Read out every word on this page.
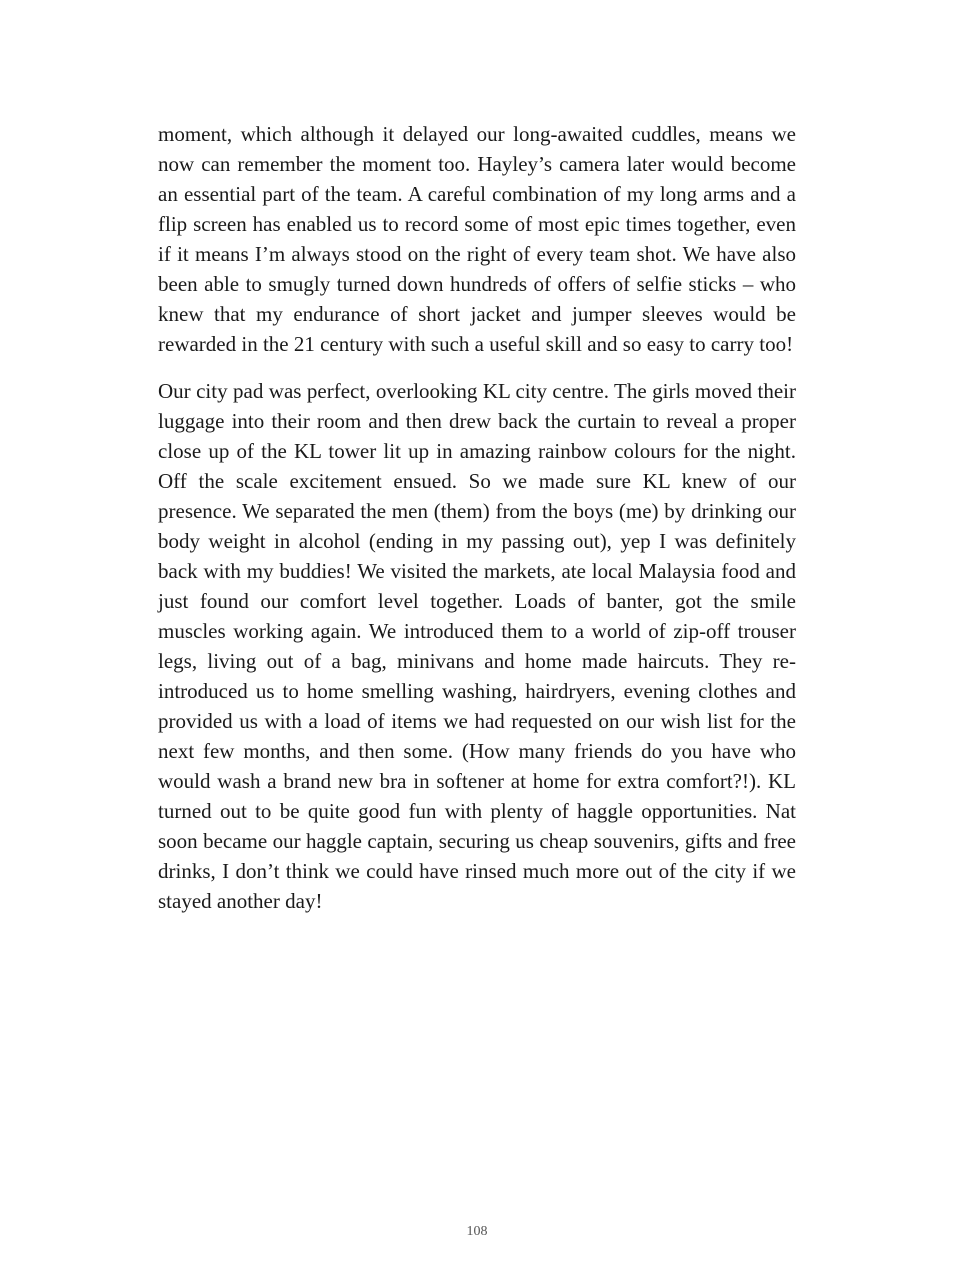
moment, which although it delayed our long-awaited cuddles, means we now can remember the moment too. Hayley’s camera later would become an essential part of the team. A careful combination of my long arms and a flip screen has enabled us to record some of most epic times together, even if it means I’m always stood on the right of every team shot. We have also been able to smugly turned down hundreds of offers of selfie sticks – who knew that my endurance of short jacket and jumper sleeves would be rewarded in the 21 century with such a useful skill and so easy to carry too!

Our city pad was perfect, overlooking KL city centre. The girls moved their luggage into their room and then drew back the curtain to reveal a proper close up of the KL tower lit up in amazing rainbow colours for the night. Off the scale excitement ensued. So we made sure KL knew of our presence. We separated the men (them) from the boys (me) by drinking our body weight in alcohol (ending in my passing out), yep I was definitely back with my buddies! We visited the markets, ate local Malaysia food and just found our comfort level together. Loads of banter, got the smile muscles working again. We introduced them to a world of zip-off trouser legs, living out of a bag, minivans and home made haircuts. They re-introduced us to home smelling washing, hairdryers, evening clothes and provided us with a load of items we had requested on our wish list for the next few months, and then some. (How many friends do you have who would wash a brand new bra in softener at home for extra comfort?!). KL turned out to be quite good fun with plenty of haggle opportunities. Nat soon became our haggle captain, securing us cheap souvenirs, gifts and free drinks, I don’t think we could have rinsed much more out of the city if we stayed another day!

108
